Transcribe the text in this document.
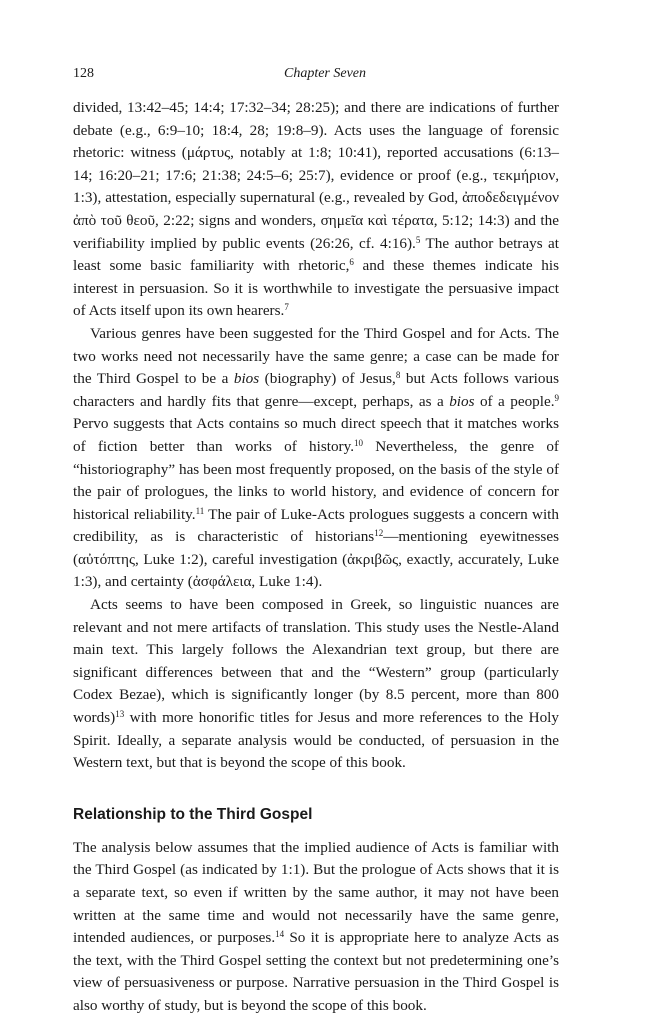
128	Chapter Seven

divided, 13:42–45; 14:4; 17:32–34; 28:25); and there are indications of further debate (e.g., 6:9–10; 18:4, 28; 19:8–9). Acts uses the language of forensic rhetoric: witness (μάρτυς, notably at 1:8; 10:41), reported accusations (6:13–14; 16:20–21; 17:6; 21:38; 24:5–6; 25:7), evidence or proof (e.g., τεκμήριον, 1:3), attestation, especially supernatural (e.g., revealed by God, ἀποδεδειγμένον ἀπὸ τοῦ θεοῦ, 2:22; signs and wonders, σημεῖα καὶ τέρατα, 5:12; 14:3) and the verifiability implied by public events (26:26, cf. 4:16).$^5$ The author betrays at least some basic familiarity with rhetoric,$^6$ and these themes indicate his interest in persuasion. So it is worthwhile to investigate the persuasive impact of Acts itself upon its own hearers.$^7$

Various genres have been suggested for the Third Gospel and for Acts. The two works need not necessarily have the same genre; a case can be made for the Third Gospel to be a bios (biography) of Jesus,$^8$ but Acts follows various characters and hardly fits that genre—except, perhaps, as a bios of a people.$^9$ Pervo suggests that Acts contains so much direct speech that it matches works of fiction better than works of history.$^{10}$ Nevertheless, the genre of “historiography” has been most frequently proposed, on the basis of the style of the pair of prologues, the links to world history, and evidence of concern for historical reliability.$^{11}$ The pair of Luke-Acts prologues suggests a concern with credibility, as is characteristic of historians$^{12}$—mentioning eyewitnesses (αὐτόπτης, Luke 1:2), careful investigation (ἀκριβῶς, exactly, accurately, Luke 1:3), and certainty (ἀσφάλεια, Luke 1:4).

Acts seems to have been composed in Greek, so linguistic nuances are relevant and not mere artifacts of translation. This study uses the Nestle-Aland main text. This largely follows the Alexandrian text group, but there are significant differences between that and the “Western” group (particularly Codex Bezae), which is significantly longer (by 8.5 percent, more than 800 words)$^{13}$ with more honorific titles for Jesus and more references to the Holy Spirit. Ideally, a separate analysis would be conducted, of persuasion in the Western text, but that is beyond the scope of this book.

Relationship to the Third Gospel

The analysis below assumes that the implied audience of Acts is familiar with the Third Gospel (as indicated by 1:1). But the prologue of Acts shows that it is a separate text, so even if written by the same author, it may not have been written at the same time and would not necessarily have the same genre, intended audiences, or purposes.$^{14}$ So it is appropriate here to analyze Acts as the text, with the Third Gospel setting the context but not predetermining one’s view of persuasiveness or purpose. Narrative persuasion in the Third Gospel is also worthy of study, but is beyond the scope of this book.
